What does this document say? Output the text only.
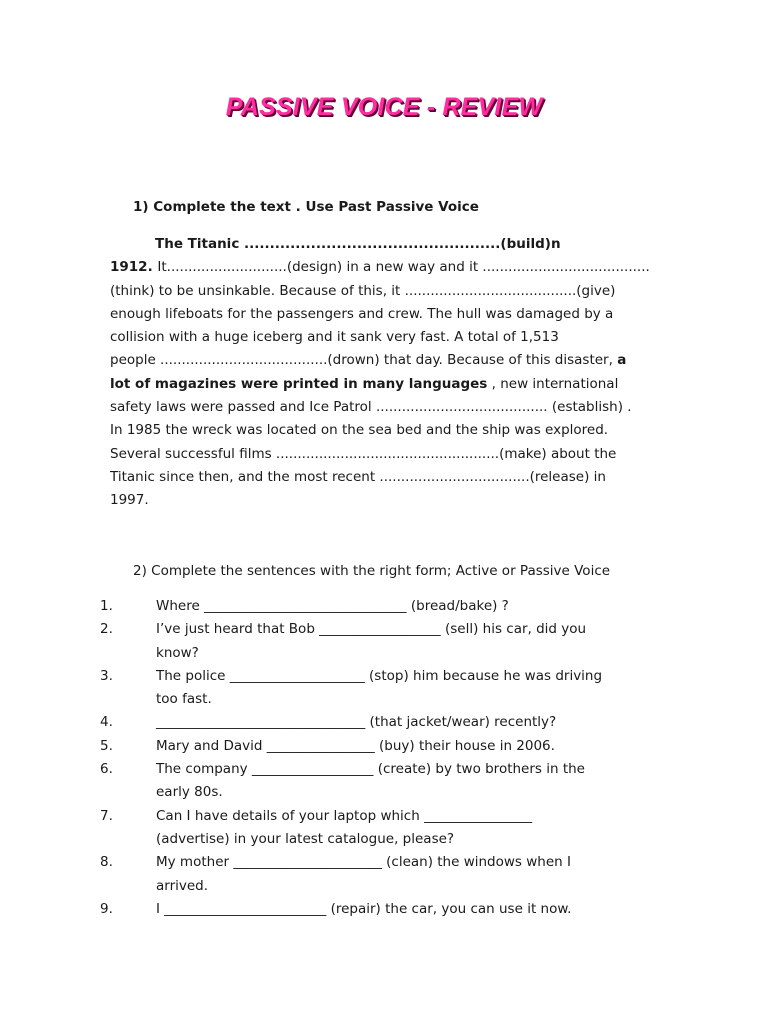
PASSIVE VOICE - REVIEW
1) Complete the text . Use Past Passive Voice
The Titanic ..................................................(build)n
1912. It............................(design) in a new way and it .......................................
(think) to be unsinkable. Because of this, it ........................................(give)
enough lifeboats for the passengers and crew. The hull was damaged by a
collision with a huge iceberg and it sank very fast. A total of 1,513
people .......................................(drown) that day. Because of this disaster, a
lot of magazines were printed in many languages , new international
safety laws were passed and Ice Patrol ........................................ (establish) .
In 1985 the wreck was located on the sea bed and the ship was explored.
Several successful films ....................................................(make) about the
Titanic since then, and the most recent ...................................(release) in
1997.
2) Complete the sentences with the right form; Active or Passive Voice
1.	Where ______________________________ (bread/bake) ?
2.	I’ve just heard that Bob __________________ (sell) his car, did you
know?
3.	The police ____________________ (stop) him because he was driving
too fast.
4.	_______________________________ (that jacket/wear) recently?
5.	Mary and David ________________ (buy) their house in 2006.
6.	The company __________________ (create) by two brothers in the
early 80s.
7.	Can I have details of your laptop which ________________
(advertise) in your latest catalogue, please?
8.	My mother ______________________ (clean) the windows when I
arrived.
9.	I ________________________ (repair) the car, you can use it now.
